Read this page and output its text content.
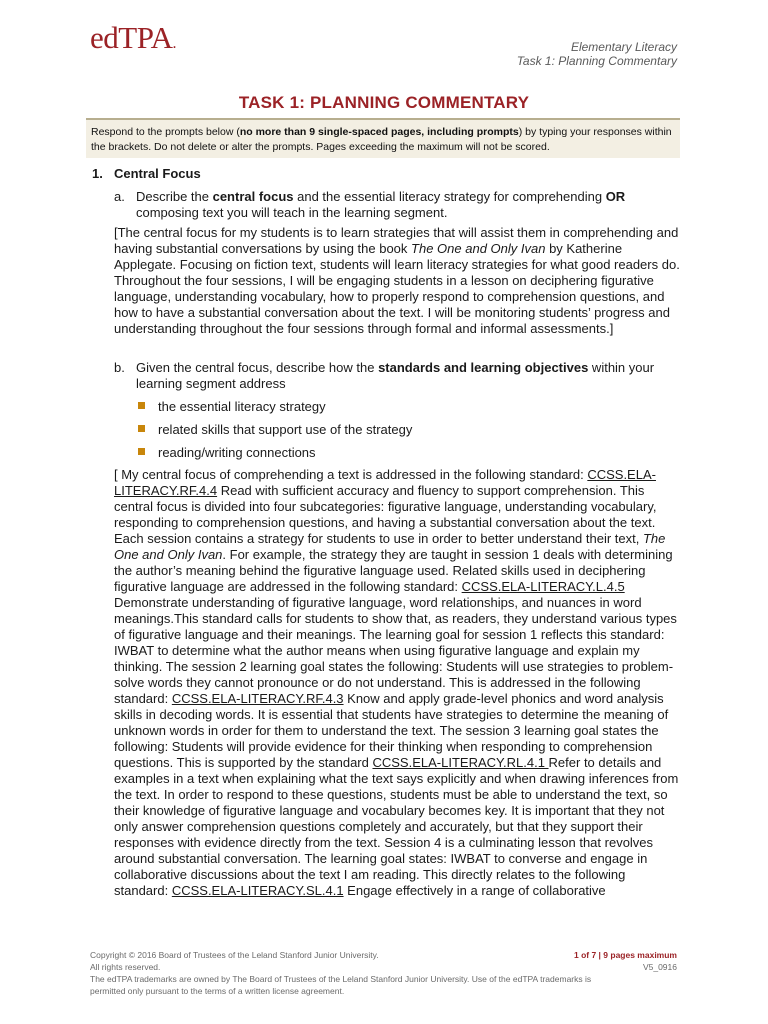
edTPA.	Elementary Literacy
Task 1: Planning Commentary
TASK 1: PLANNING COMMENTARY
Respond to the prompts below (no more than 9 single-spaced pages, including prompts) by typing your responses within the brackets. Do not delete or alter the prompts. Pages exceeding the maximum will not be scored.
1. Central Focus
a. Describe the central focus and the essential literacy strategy for comprehending OR composing text you will teach in the learning segment.
[The central focus for my students is to learn strategies that will assist them in comprehending and having substantial conversations by using the book The One and Only Ivan by Katherine Applegate. Focusing on fiction text, students will learn literacy strategies for what good readers do. Throughout the four sessions, I will be engaging students in a lesson on deciphering figurative language, understanding vocabulary, how to properly respond to comprehension questions, and how to have a substantial conversation about the text. I will be monitoring students’ progress and understanding throughout the four sessions through formal and informal assessments.]
b. Given the central focus, describe how the standards and learning objectives within your learning segment address
the essential literacy strategy
related skills that support use of the strategy
reading/writing connections
[ My central focus of comprehending a text is addressed in the following standard: CCSS.ELA-LITERACY.RF.4.4 Read with sufficient accuracy and fluency to support comprehension. This central focus is divided into four subcategories: figurative language, understanding vocabulary, responding to comprehension questions, and having a substantial conversation about the text. Each session contains a strategy for students to use in order to better understand their text, The One and Only Ivan. For example, the strategy they are taught in session 1 deals with determining the author’s meaning behind the figurative language used. Related skills used in deciphering figurative language are addressed in the following standard: CCSS.ELA-LITERACY.L.4.5 Demonstrate understanding of figurative language, word relationships, and nuances in word meanings.This standard calls for students to show that, as readers, they understand various types of figurative language and their meanings. The learning goal for session 1 reflects this standard: IWBAT to determine what the author means when using figurative language and explain my thinking. The session 2 learning goal states the following: Students will use strategies to problem-solve words they cannot pronounce or do not understand. This is addressed in the following standard: CCSS.ELA-LITERACY.RF.4.3 Know and apply grade-level phonics and word analysis skills in decoding words. It is essential that students have strategies to determine the meaning of unknown words in order for them to understand the text. The session 3 learning goal states the following: Students will provide evidence for their thinking when responding to comprehension questions. This is supported by the standard CCSS.ELA-LITERACY.RL.4.1 Refer to details and examples in a text when explaining what the text says explicitly and when drawing inferences from the text. In order to respond to these questions, students must be able to understand the text, so their knowledge of figurative language and vocabulary becomes key. It is important that they not only answer comprehension questions completely and accurately, but that they support their responses with evidence directly from the text. Session 4 is a culminating lesson that revolves around substantial conversation. The learning goal states: IWBAT to converse and engage in collaborative discussions about the text I am reading. This directly relates to the following standard: CCSS.ELA-LITERACY.SL.4.1 Engage effectively in a range of collaborative
Copyright © 2016 Board of Trustees of the Leland Stanford Junior University.
All rights reserved.
The edTPA trademarks are owned by The Board of Trustees of the Leland Stanford Junior University. Use of the edTPA trademarks is
permitted only pursuant to the terms of a written license agreement.
1 of 7 | 9 pages maximum
V5_0916
